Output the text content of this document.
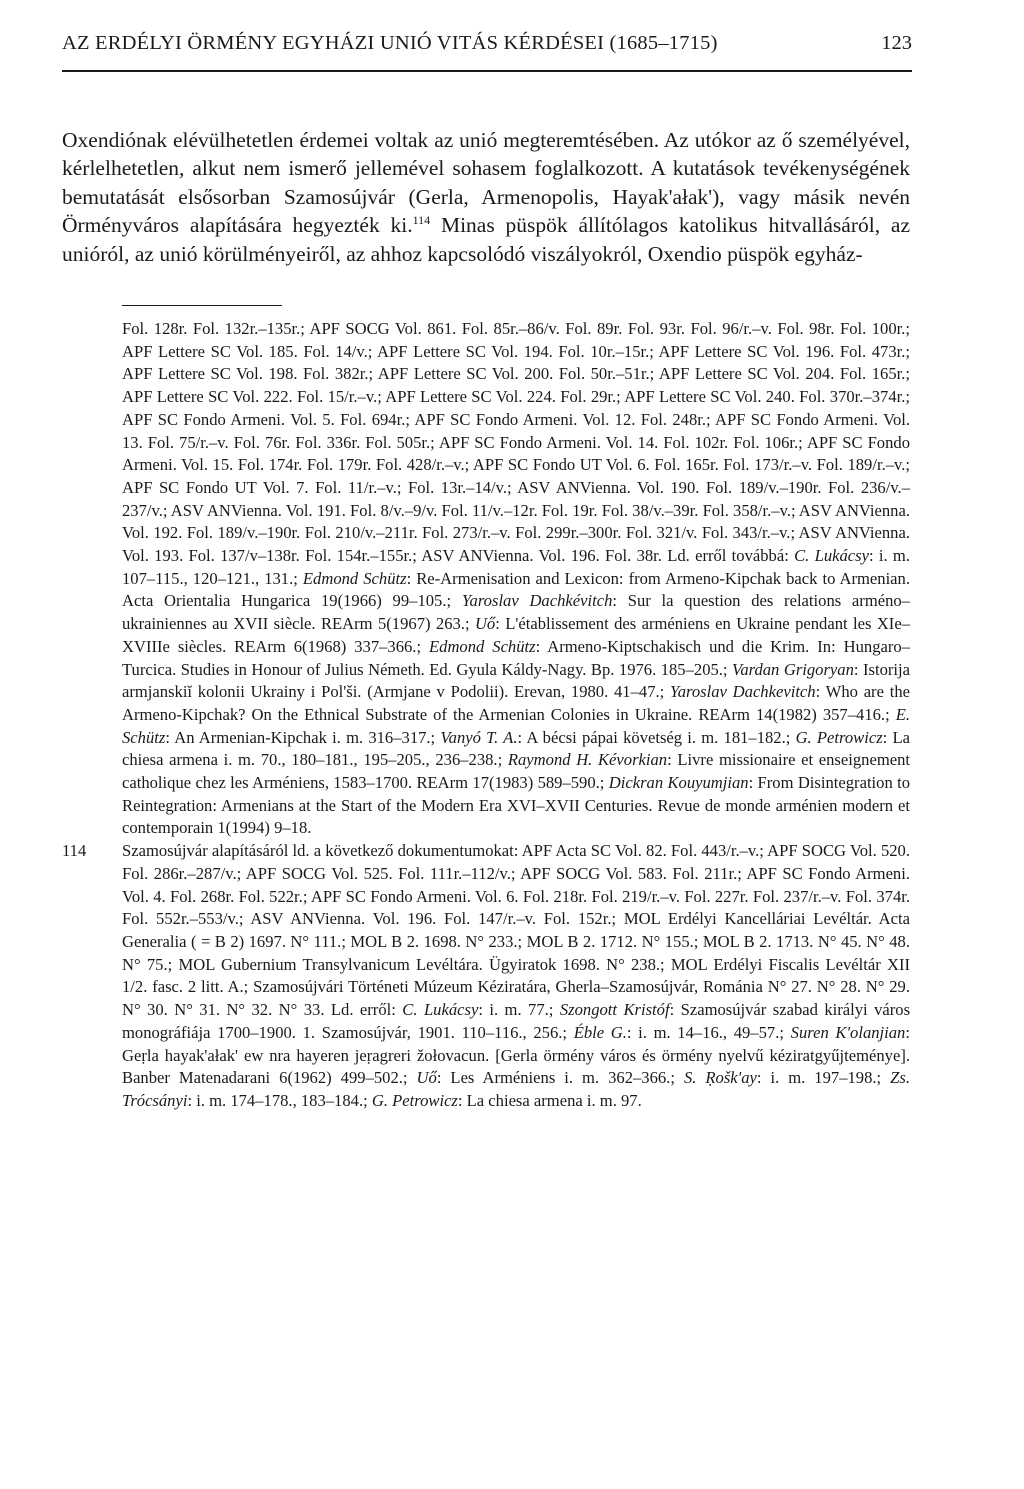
AZ ERDÉLYI ÖRMÉNY EGYHÁZI UNIÓ VITÁS KÉRDÉSEI (1685–1715)	123
Oxendiónak elévülhetetlen érdemei voltak az unió megteremtésében. Az utókor az ő személyével, kérlelhetetlen, alkut nem ismerő jellemével sohasem foglalkozott. A kutatások tevékenységének bemutatását elsősorban Szamosújvár (Gerla, Armenopolis, Hayak'ałak'), vagy másik nevén Örményváros alapítására hegyezték ki.$^{114}$ Minas püspök állítólagos katolikus hitvallásáról, az unióról, az unió körülményeiről, az ahhoz kapcsolódó viszályokról, Oxendio püspök egyház-
Fol. 128r. Fol. 132r.–135r.; APF SOCG Vol. 861. Fol. 85r.–86/v. Fol. 89r. Fol. 93r. Fol. 96/r.–v. Fol. 98r. Fol. 100r.; APF Lettere SC Vol. 185. Fol. 14/v.; APF Lettere SC Vol. 194. Fol. 10r.–15r.; APF Lettere SC Vol. 196. Fol. 473r.; APF Lettere SC Vol. 198. Fol. 382r.; APF Lettere SC Vol. 200. Fol. 50r.–51r.; APF Lettere SC Vol. 204. Fol. 165r.; APF Lettere SC Vol. 222. Fol. 15/r.–v.; APF Lettere SC Vol. 224. Fol. 29r.; APF Lettere SC Vol. 240. Fol. 370r.–374r.; APF SC Fondo Armeni. Vol. 5. Fol. 694r.; APF SC Fondo Armeni. Vol. 12. Fol. 248r.; APF SC Fondo Armeni. Vol. 13. Fol. 75/r.–v. Fol. 76r. Fol. 336r. Fol. 505r.; APF SC Fondo Armeni. Vol. 14. Fol. 102r. Fol. 106r.; APF SC Fondo Armeni. Vol. 15. Fol. 174r. Fol. 179r. Fol. 428/r.–v.; APF SC Fondo UT Vol. 6. Fol. 165r. Fol. 173/r.–v. Fol. 189/r.–v.; APF SC Fondo UT Vol. 7. Fol. 11/r.–v.; Fol. 13r.–14/v.; ASV ANVienna. Vol. 190. Fol. 189/v.–190r. Fol. 236/v.–237/v.; ASV ANVienna. Vol. 191. Fol. 8/v.–9/v. Fol. 11/v.–12r. Fol. 19r. Fol. 38/v.–39r. Fol. 358/r.–v.; ASV ANVienna. Vol. 192. Fol. 189/v.–190r. Fol. 210/v.–211r. Fol. 273/r.–v. Fol. 299r.–300r. Fol. 321/v. Fol. 343/r.–v.; ASV ANVienna. Vol. 193. Fol. 137/v–138r. Fol. 154r.–155r.; ASV ANVienna. Vol. 196. Fol. 38r. Ld. erről továbbá: C. Lukácsy: i. m. 107–115., 120–121., 131.; Edmond Schütz: Re-Armenisation and Lexicon: from Armeno-Kipchak back to Armenian. Acta Orientalia Hungarica 19(1966) 99–105.; Yaroslav Dachkévitch: Sur la question des relations arméno–ukrainiennes au XVII siècle. REArm 5(1967) 263.; Uő: L'établissement des arméniens en Ukraine pendant les XIe–XVIIIe siècles. REArm 6(1968) 337–366.; Edmond Schütz: Armeno-Kiptschakisch und die Krim. In: Hungaro–Turcica. Studies in Honour of Julius Németh. Ed. Gyula Káldy-Nagy. Bp. 1976. 185–205.; Vardan Grigoryan: Istorija armjanskiĭ kolonii Ukrainy i Pol'ši. (Armjane v Podolii). Erevan, 1980. 41–47.; Yaroslav Dachkevitch: Who are the Armeno-Kipchak? On the Ethnical Substrate of the Armenian Colonies in Ukraine. REArm 14(1982) 357–416.; E. Schütz: An Armenian-Kipchak i. m. 316–317.; Vanyó T. A.: A bécsi pápai követség i. m. 181–182.; G. Petrowicz: La chiesa armena i. m. 70., 180–181., 195–205., 236–238.; Raymond H. Kévorkian: Livre missionaire et enseignement catholique chez les Arméniens, 1583–1700. REArm 17(1983) 589–590.; Dickran Kouyumjian: From Disintegration to Reintegration: Armenians at the Start of the Modern Era XVI–XVII Centuries. Revue de monde arménien modern et contemporain 1(1994) 9–18.
114 Szamosújvár alapításáról ld. a következő dokumentumokat: APF Acta SC Vol. 82. Fol. 443/r.–v.; APF SOCG Vol. 520. Fol. 286r.–287/v.; APF SOCG Vol. 525. Fol. 111r.–112/v.; APF SOCG Vol. 583. Fol. 211r.; APF SC Fondo Armeni. Vol. 4. Fol. 268r. Fol. 522r.; APF SC Fondo Armeni. Vol. 6. Fol. 218r. Fol. 219/r.–v. Fol. 227r. Fol. 237/r.–v. Fol. 374r. Fol. 552r.–553/v.; ASV ANVienna. Vol. 196. Fol. 147/r.–v. Fol. 152r.; MOL Erdélyi Kancelláriai Levéltár. Acta Generalia ( = B 2) 1697. N° 111.; MOL B 2. 1698. N° 233.; MOL B 2. 1712. N° 155.; MOL B 2. 1713. N° 45. N° 48. N° 75.; MOL Gubernium Transylvanicum Levéltára. Ügyiratok 1698. N° 238.; MOL Erdélyi Fiscalis Levéltár XII 1/2. fasc. 2 litt. A.; Szamosújvári Történeti Múzeum Kéziratára, Gherla–Szamosújvár, Románia N° 27. N° 28. N° 29. N° 30. N° 31. N° 32. N° 33. Ld. erről: C. Lukácsy: i. m. 77.; Szongott Kristóf: Szamosújvár szabad királyi város monográfiája 1700–1900. 1. Szamosújvár, 1901. 110–116., 256.; Éble G.: i. m. 14–16., 49–57.; Suren K'olanjian: Geṛla hayak'ałak' ew nra hayeren jeṛagreri žołovacun. [Gerla örmény város és örmény nyelvű kéziratgyűjteménye]. Banber Matenadarani 6(1962) 499–502.; Uő: Les Arméniens i. m. 362–366.; S. Ṛošk'ay: i. m. 197–198.; Zs. Trócsányi: i. m. 174–178., 183–184.; G. Petrowicz: La chiesa armena i. m. 97.
